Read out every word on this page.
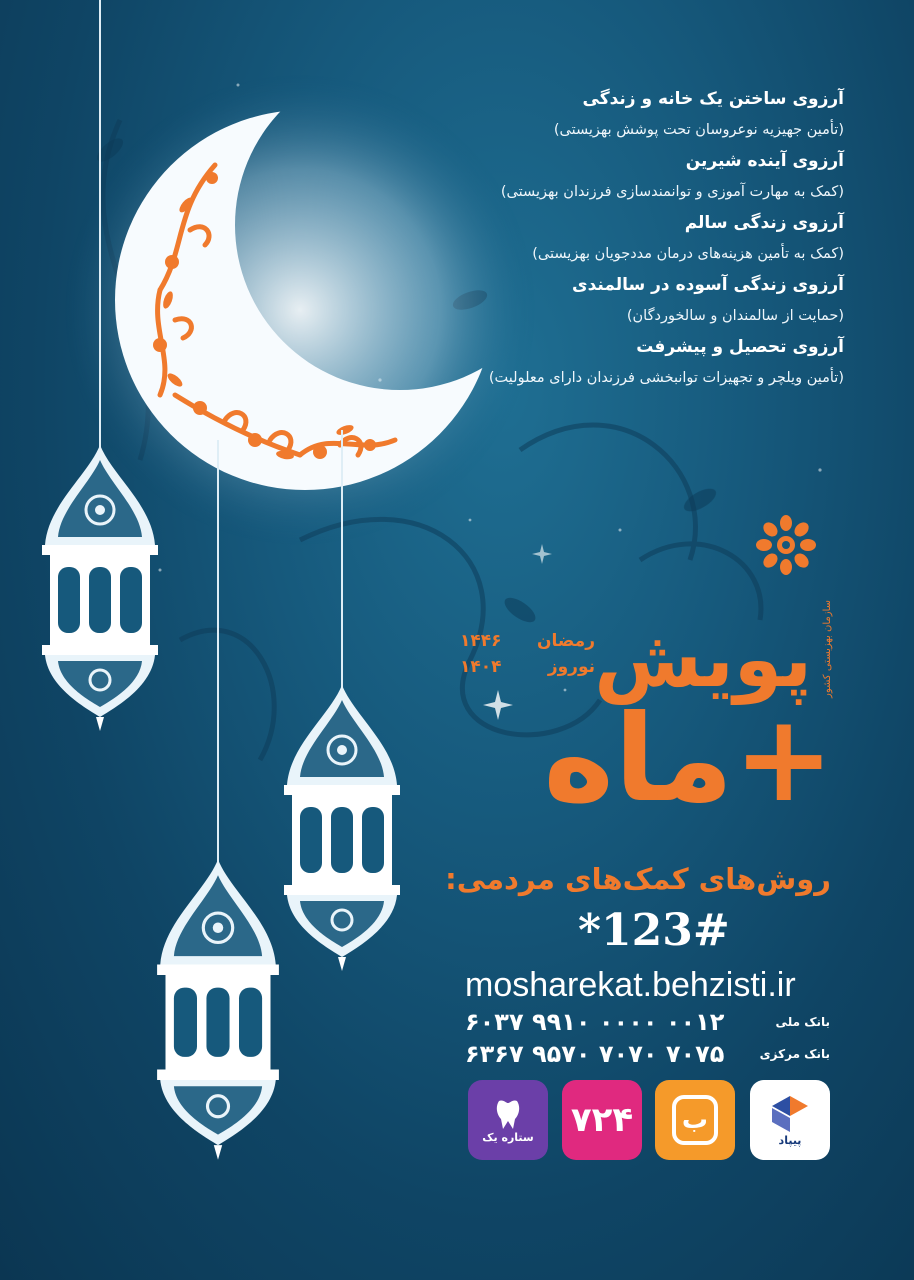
آرزوی ساختن یک خانه و زندگی
(تأمین جهیزیه نوعروسان تحت پوشش بهزیستی)
آرزوی آینده شیرین
(کمک به مهارت آموزی و توانمندسازی فرزندان بهزیستی)
آرزوی زندگی سالم
(کمک به تأمین هزینه‌های درمان مددجویان بهزیستی)
آرزوی زندگی آسوده در سالمندی
(حمایت از سالمندان و سالخوردگان)
آرزوی تحصیل و پیشرفت
(تأمین ویلچر و تجهیزات توانبخشی فرزندان دارای معلولیت)
سازمان بهزیستی کشور
پویش
+ماه
رمضان
۱۴۴۶
نوروز
۱۴۰۴
روش‌های کمک‌های مردمی:
*123#
mosharekat.behzisti.ir
بانک ملی
۶۰۳۷ ۹۹۱۰ ۰۰۰۰ ۰۰۱۲
بانک مرکزی
۶۳۶۷ ۹۵۷۰ ۷۰۷۰ ۷۰۷۵
پیپاد
ب
۷۲۴
ستاره یک
